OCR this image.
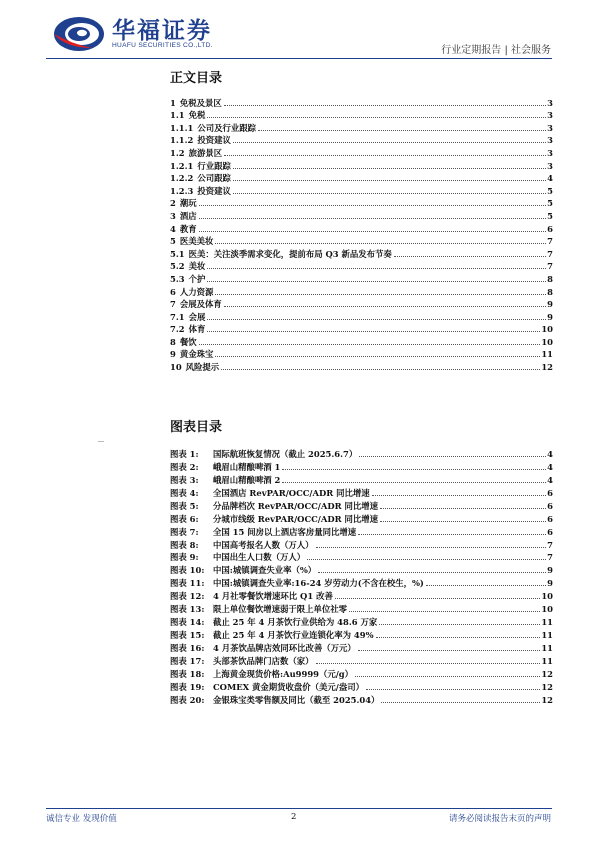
华福证券
HUAFU SECURITIES CO.,LTD.	行业定期报告 | 社会服务
正文目录
1 免税及景区	3
1.1 免税	3
1.1.1 公司及行业跟踪	3
1.1.2 投资建议	3
1.2 旅游景区	3
1.2.1 行业跟踪	3
1.2.2 公司跟踪	4
1.2.3 投资建议	5
2 潮玩	5
3 酒店	5
4 教育	6
5 医美美妆	7
5.1 医美：关注淡季需求变化，提前布局 Q3 新品发布节奏	7
5.2 美妆	7
5.3 个护	8
6 人力资源	8
7 会展及体育	9
7.1 会展	9
7.2 体育	10
8 餐饮	10
9 黄金珠宝	11
10 风险提示	12
图表目录
图表 1:	国际航班恢复情况（截止 2025.6.7）	4
图表 2:	峨眉山精酿啤酒 1	4
图表 3:	峨眉山精酿啤酒 2	4
图表 4:	全国酒店 RevPAR/OCC/ADR 同比增速	6
图表 5:	分品牌档次 RevPAR/OCC/ADR 同比增速	6
图表 6:	分城市线级 RevPAR/OCC/ADR 同比增速	6
图表 7:	全国 15 间房以上酒店客房量同比增速	6
图表 8:	中国高考报名人数（万人）	7
图表 9:	中国出生人口数（万人）	7
图表 10:	中国:城镇调查失业率（%）	9
图表 11:	中国:城镇调查失业率:16-24 岁劳动力(不含在校生，%)	9
图表 12:	4 月社零餐饮增速环比 Q1 改善	10
图表 13:	限上单位餐饮增速弱于限上单位社零	10
图表 14:	截止 25 年 4 月茶饮行业供给为 48.6 万家	11
图表 15:	截止 25 年 4 月茶饮行业连锁化率为 49%	11
图表 16:	4 月茶饮品牌店效同环比改善（万元）	11
图表 17:	头部茶饮品牌门店数（家）	11
图表 18:	上海黄金现货价格:Au9999（元/g）	12
图表 19:	COMEX 黄金期货收盘价（美元/盎司）	12
图表 20:	金银珠宝类零售额及同比（截至 2025.04）	12
诚信专业 发现价值	2	请务必阅读报告末页的声明
